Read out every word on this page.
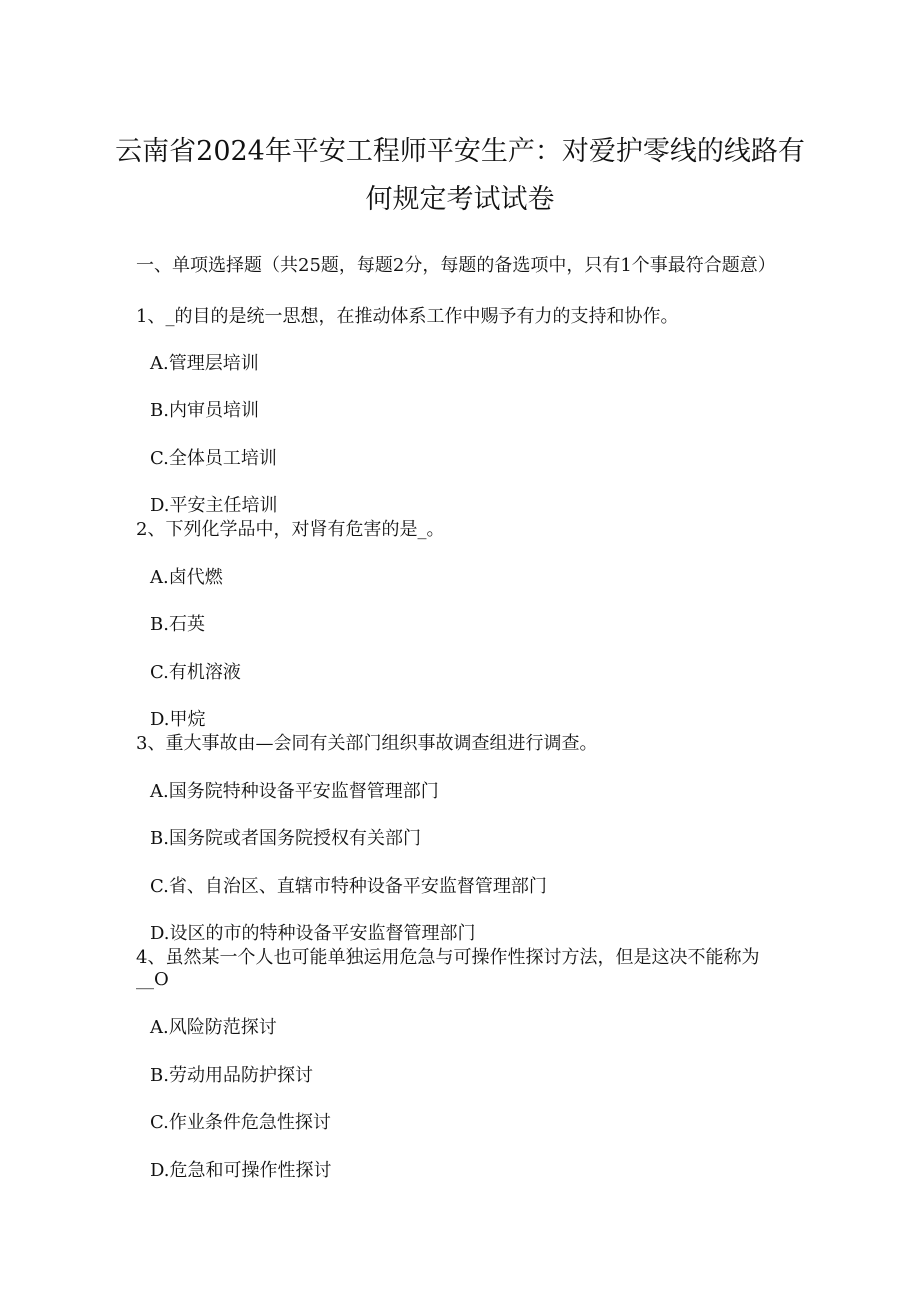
云南省2024年平安工程师平安生产：对爱护零线的线路有
何规定考试试卷
一、单项选择题（共25题，每题2分，每题的备选项中，只有1个事最符合题意）
1、_的目的是统一思想，在推动体系工作中赐予有力的支持和协作。
A.管理层培训
B.内审员培训
C.全体员工培训
D.平安主任培训
2、下列化学品中，对肾有危害的是_。
A.卤代燃
B.石英
C.有机溶液
D.甲烷
3、重大事故由—会同有关部门组织事故调查组进行调查。
A.国务院特种设备平安监督管理部门
B.国务院或者国务院授权有关部门
C.省、自治区、直辖市特种设备平安监督管理部门
D.设区的市的特种设备平安监督管理部门
4、虽然某一个人也可能单独运用危急与可操作性探讨方法，但是这决不能称为__O
A.风险防范探讨
B.劳动用品防护探讨
C.作业条件危急性探讨
D.危急和可操作性探讨
